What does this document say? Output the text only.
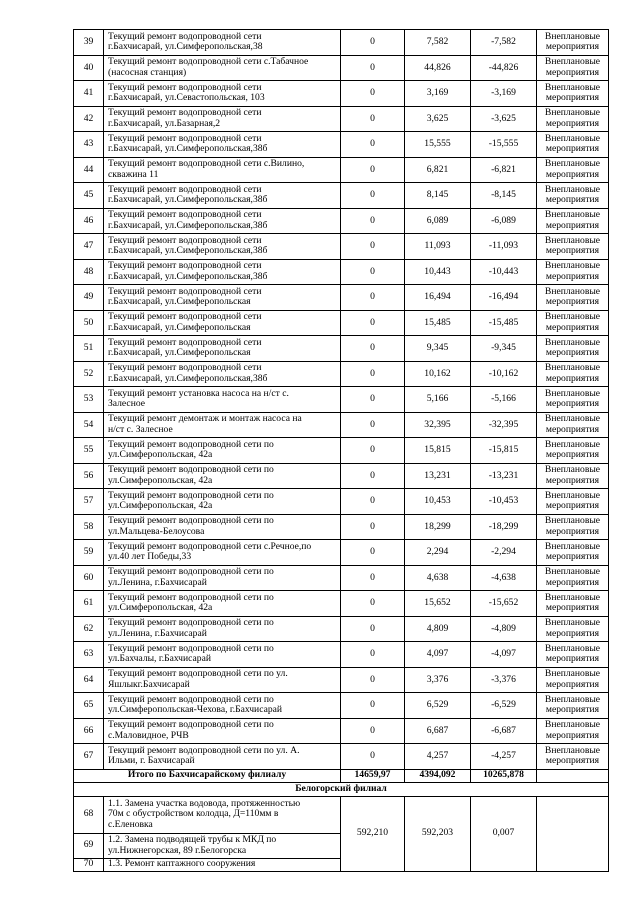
39	Текущий ремонт водопроводной сети
г.Бахчисарай, ул.Симферопольская,38	0	7,582	-7,582	Внеплановые
мероприятия
40	Текущий ремонт водопроводной сети с.Табачное
(насосная станция)	0	44,826	-44,826	Внеплановые
мероприятия
41	Текущий ремонт водопроводной сети
г.Бахчисарай, ул.Севастопольская, 103	0	3,169	-3,169	Внеплановые
мероприятия
42	Текущий ремонт водопроводной сети
г.Бахчисарай, ул.Базарная,2	0	3,625	-3,625	Внеплановые
мероприятия
43	Текущий ремонт водопроводной сети
г.Бахчисарай, ул.Симферопольская,38б	0	15,555	-15,555	Внеплановые
мероприятия
44	Текущий ремонт водопроводной сети с.Вилино,
скважина 11	0	6,821	-6,821	Внеплановые
мероприятия
45	Текущий ремонт водопроводной сети
г.Бахчисарай, ул.Симферопольская,38б	0	8,145	-8,145	Внеплановые
мероприятия
46	Текущий ремонт водопроводной сети
г.Бахчисарай, ул.Симферопольская,38б	0	6,089	-6,089	Внеплановые
мероприятия
47	Текущий ремонт водопроводной сети
г.Бахчисарай, ул.Симферопольская,38б	0	11,093	-11,093	Внеплановые
мероприятия
48	Текущий ремонт водопроводной сети
г.Бахчисарай, ул.Симферопольская,38б	0	10,443	-10,443	Внеплановые
мероприятия
49	Текущий ремонт водопроводной сети
г.Бахчисарай, ул.Симферопольская	0	16,494	-16,494	Внеплановые
мероприятия
50	Текущий ремонт водопроводной сети
г.Бахчисарай, ул.Симферопольская	0	15,485	-15,485	Внеплановые
мероприятия
51	Текущий ремонт водопроводной сети
г.Бахчисарай, ул.Симферопольская	0	9,345	-9,345	Внеплановые
мероприятия
52	Текущий ремонт водопроводной сети
г.Бахчисарай, ул.Симферопольская,38б	0	10,162	-10,162	Внеплановые
мероприятия
53	Текущий ремонт установка насоса на н/ст с.
Залесное	0	5,166	-5,166	Внеплановые
мероприятия
54	Текущий ремонт демонтаж и монтаж насоса на
н/ст с. Залесное	0	32,395	-32,395	Внеплановые
мероприятия
55	Текущий ремонт водопроводной сети по
ул.Симферопольская, 42а	0	15,815	-15,815	Внеплановые
мероприятия
56	Текущий ремонт водопроводной сети по
ул.Симферопольская, 42а	0	13,231	-13,231	Внеплановые
мероприятия
57	Текущий ремонт водопроводной сети по
ул.Симферопольская, 42а	0	10,453	-10,453	Внеплановые
мероприятия
58	Текущий ремонт водопроводной сети по
ул.Мальцева-Белоусова	0	18,299	-18,299	Внеплановые
мероприятия
59	Текущий ремонт водопроводной сети с.Речное,по
ул.40 лет Победы,33	0	2,294	-2,294	Внеплановые
мероприятия
60	Текущий ремонт водопроводной сети по
ул.Ленина, г.Бахчисарай	0	4,638	-4,638	Внеплановые
мероприятия
61	Текущий ремонт водопроводной сети по
ул.Симферопольская, 42а	0	15,652	-15,652	Внеплановые
мероприятия
62	Текущий ремонт водопроводной сети по
ул.Ленина, г.Бахчисарай	0	4,809	-4,809	Внеплановые
мероприятия
63	Текущий ремонт водопроводной сети по
ул.Бахчалы, г.Бахчисарай	0	4,097	-4,097	Внеплановые
мероприятия
64	Текущий ремонт водопроводной сети по ул.
Яшлыкг.Бахчисарай	0	3,376	-3,376	Внеплановые
мероприятия
65	Текущий ремонт водопроводной сети по
ул.Симферопольская-Чехова, г.Бахчисарай	0	6,529	-6,529	Внеплановые
мероприятия
66	Текущий ремонт водопроводной сети по
с.Маловидное, РЧВ	0	6,687	-6,687	Внеплановые
мероприятия
67	Текущий ремонт водопроводной сети по ул. А.
Ильми, г. Бахчисарай	0	4,257	-4,257	Внеплановые
мероприятия
Итого по Бахчисарайскому филиалу		14659,97	4394,092	10265,878	
Белогорский филиал					
68	1.1. Замена участка водовода, протяженностью
70м с обустройством колодца, Д=110мм в
с.Еленовка	592,210	592,203	0,007	
69	1.2. Замена подводящей трубы к МКД по
ул.Нижнегорская, 89 г.Белогорска				
70	1.3. Ремонт каптажного сооружения				
